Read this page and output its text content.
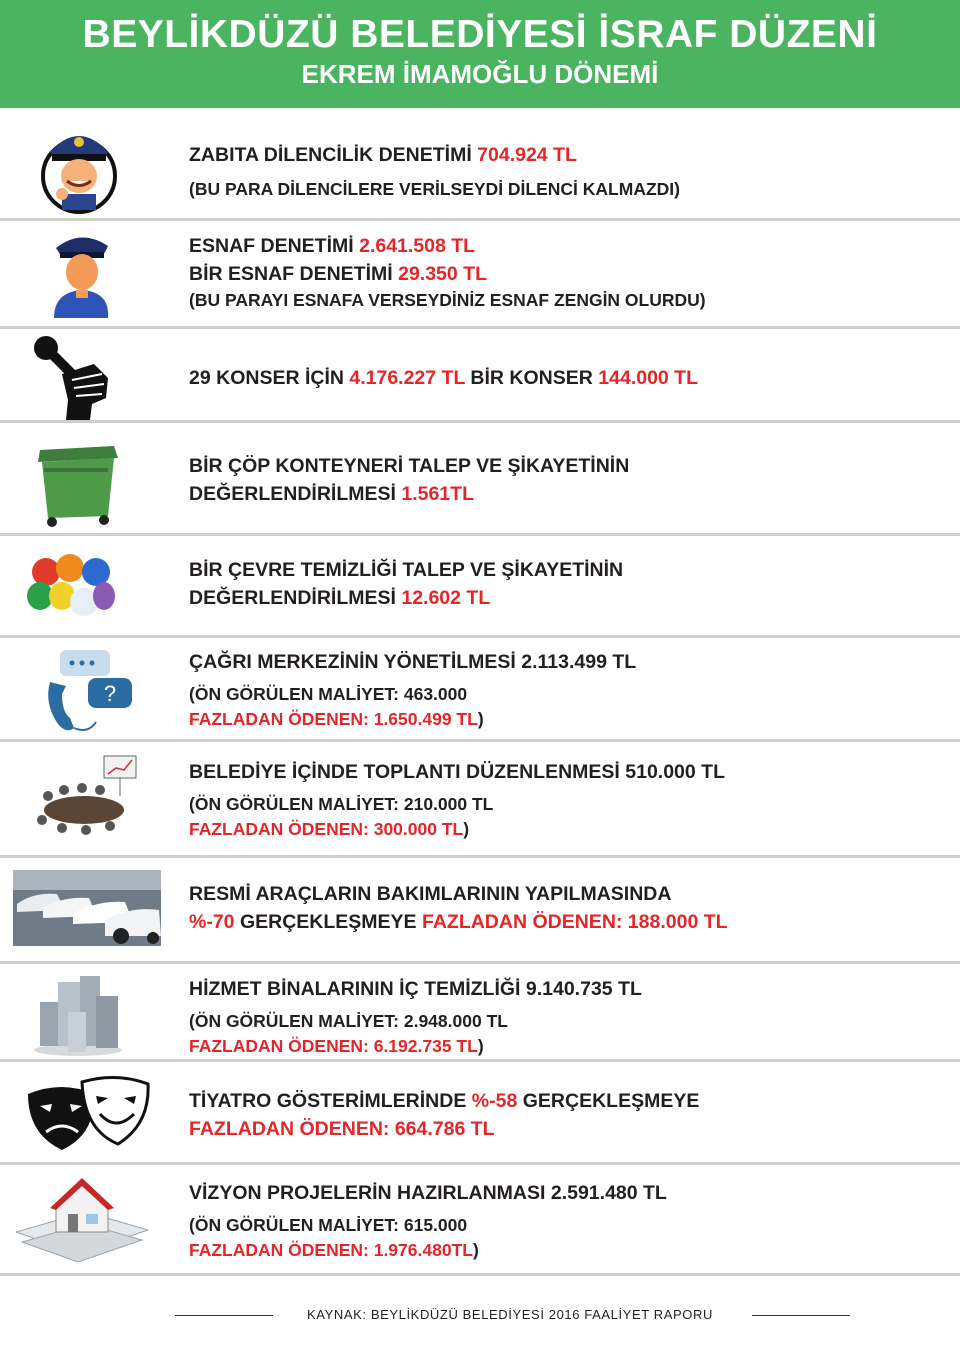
BEYLİKDÜZÜ BELEDİYESİ İSRAF DÜZENİ
EKREM İMAMOĞLU DÖNEMİ
ZABITA DİLENCİLİK DENETİMİ 704.924 TL
(BU PARA DİLENCİLERE VERİLSEYDİ DİLENCİ KALMAZDI)
ESNAF DENETİMİ 2.641.508 TL
BİR ESNAF DENETİMİ 29.350 TL
(BU PARAYI ESNAFA VERSEYDİNİZ ESNAF ZENGİN OLURDU)
29 KONSER İÇİN 4.176.227 TL BİR KONSER 144.000 TL
BİR ÇÖP KONTEYNERİ TALEP VE ŞİKAYETİNİN
DEĞERLENDİRİLMESİ 1.561TL
BİR ÇEVRE TEMİZLİĞİ TALEP VE ŞİKAYETİNİN
DEĞERLENDİRİLMESİ 12.602 TL
?
ÇAĞRI MERKEZİNİN YÖNETİLMESİ 2.113.499 TL
(ÖN GÖRÜLEN MALİYET: 463.000
FAZLADAN ÖDENEN: 1.650.499 TL)
BELEDİYE İÇİNDE TOPLANTI DÜZENLENMESİ 510.000 TL
(ÖN GÖRÜLEN MALİYET: 210.000 TL
FAZLADAN ÖDENEN: 300.000 TL)
RESMİ ARAÇLARIN BAKIMLARININ YAPILMASINDA
%-70 GERÇEKLEŞMEYE FAZLADAN ÖDENEN: 188.000 TL
HİZMET BİNALARININ İÇ TEMİZLİĞİ 9.140.735 TL
(ÖN GÖRÜLEN MALİYET: 2.948.000 TL
FAZLADAN ÖDENEN: 6.192.735 TL)
TİYATRO GÖSTERİMLERİNDE %-58 GERÇEKLEŞMEYE
FAZLADAN ÖDENEN: 664.786 TL
VİZYON PROJELERİN HAZIRLANMASI 2.591.480 TL
(ÖN GÖRÜLEN MALİYET: 615.000
FAZLADAN ÖDENEN: 1.976.480TL)
KAYNAK: BEYLİKDÜZÜ BELEDİYESİ 2016 FAALİYET RAPORU
